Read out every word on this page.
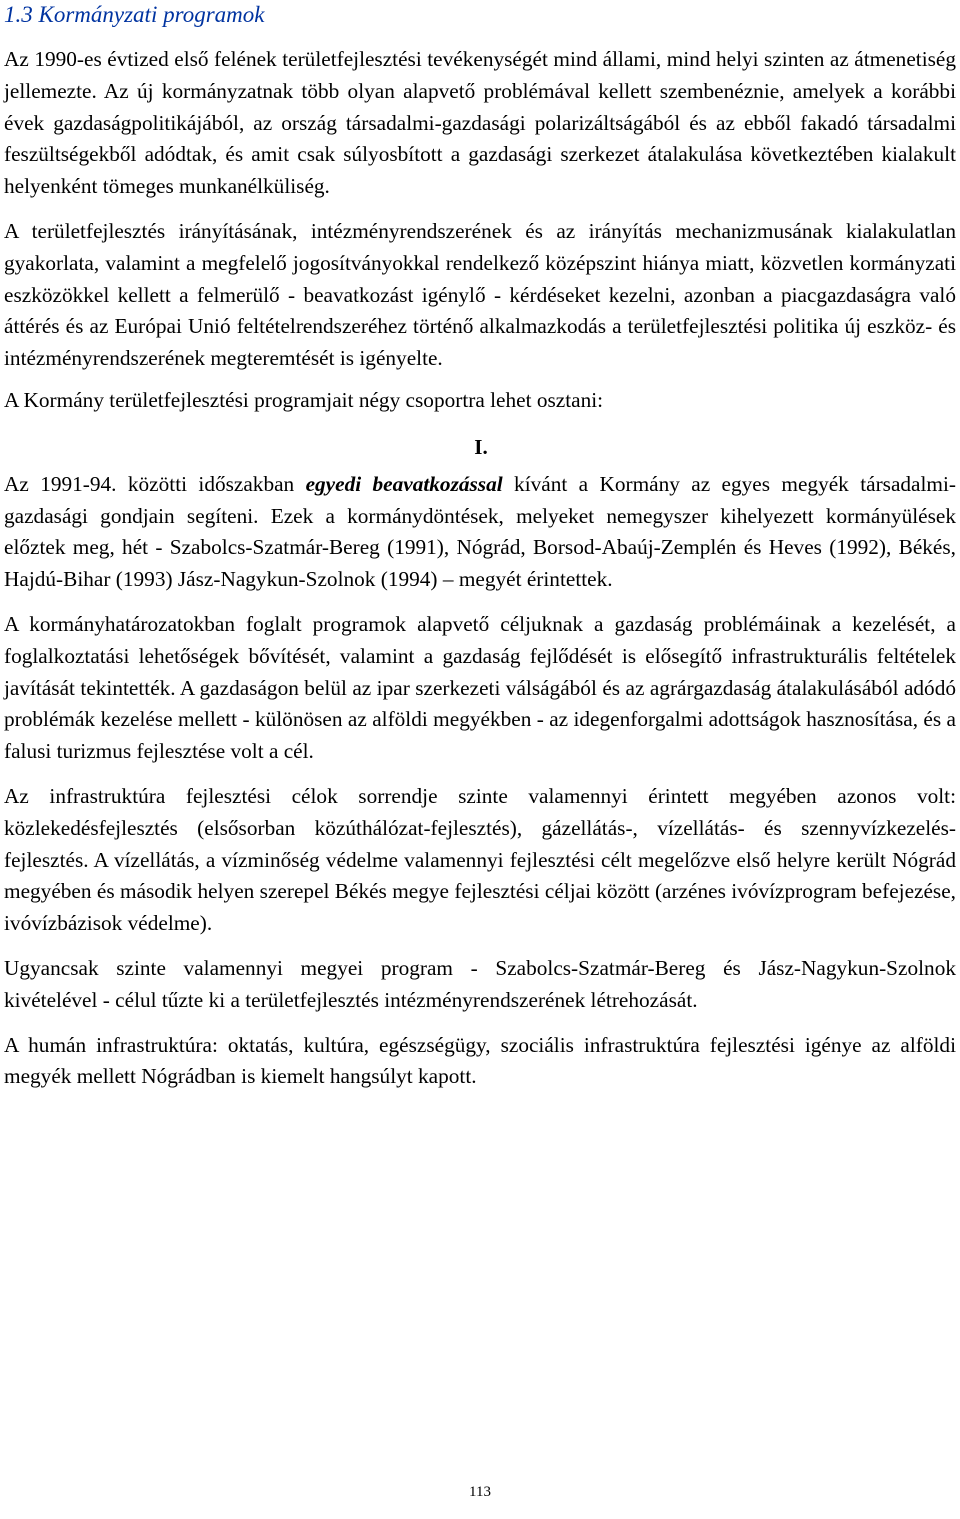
1.3 Kormányzati programok

Az 1990-es évtized első felének területfejlesztési tevékenységét mind állami, mind helyi szinten az átmenetiség jellemezte. Az új kormányzatnak több olyan alapvető problémával kellett szembenéznie, amelyek a korábbi évek gazdaságpolitikájából, az ország társadalmi-gazdasági polarizáltságából és az ebből fakadó társadalmi feszültségekből adódtak, és amit csak súlyosbított a gazdasági szerkezet átalakulása következtében kialakult helyenként tömeges munkanélküliség.

A területfejlesztés irányításának, intézményrendszerének és az irányítás mechanizmusának kialakulatlan gyakorlata, valamint a megfelelő jogosítványokkal rendelkező középszint hiánya miatt, közvetlen kormányzati eszközökkel kellett a felmerülő - beavatkozást igénylő - kérdéseket kezelni, azonban a piacgazdaságra való áttérés és az Európai Unió feltételrendszeréhez történő alkalmazkodás a területfejlesztési politika új eszköz- és intézményrendszerének megteremtését is igényelte.

A Kormány területfejlesztési programjait négy csoportra lehet osztani:

I.

Az 1991-94. közötti időszakban egyedi beavatkozással kívánt a Kormány az egyes megyék társadalmi-gazdasági gondjain segíteni. Ezek a kormánydöntések, melyeket nemegyszer kihelyezett kormányülések előztek meg, hét - Szabolcs-Szatmár-Bereg (1991), Nógrád, Borsod-Abaúj-Zemplén és Heves (1992), Békés, Hajdú-Bihar (1993) Jász-Nagykun-Szolnok (1994) – megyét érintettek.

A kormányhatározatokban foglalt programok alapvető céljuknak a gazdaság problémáinak a kezelését, a foglalkoztatási lehetőségek bővítését, valamint a gazdaság fejlődését is elősegítő infrastrukturális feltételek javítását tekintették. A gazdaságon belül az ipar szerkezeti válságából és az agrárgazdaság átalakulásából adódó problémák kezelése mellett - különösen az alföldi megyékben - az idegenforgalmi adottságok hasznosítása, és a falusi turizmus fejlesztése volt a cél.

Az infrastruktúra fejlesztési célok sorrendje szinte valamennyi érintett megyében azonos volt: közlekedésfejlesztés (elsősorban közúthálózat-fejlesztés), gázellátás-, vízellátás- és szennyvízkezelés-fejlesztés. A vízellátás, a vízminőség védelme valamennyi fejlesztési célt megelőzve első helyre került Nógrád megyében és második helyen szerepel Békés megye fejlesztési céljai között (arzénes ivóvízprogram befejezése, ivóvízbázisok védelme).

Ugyancsak szinte valamennyi megyei program - Szabolcs-Szatmár-Bereg és Jász-Nagykun-Szolnok kivételével - célul tűzte ki a területfejlesztés intézményrendszerének létrehozását.

A humán infrastruktúra: oktatás, kultúra, egészségügy, szociális infrastruktúra fejlesztési igénye az alföldi megyék mellett Nógrádban is kiemelt hangsúlyt kapott.

113
